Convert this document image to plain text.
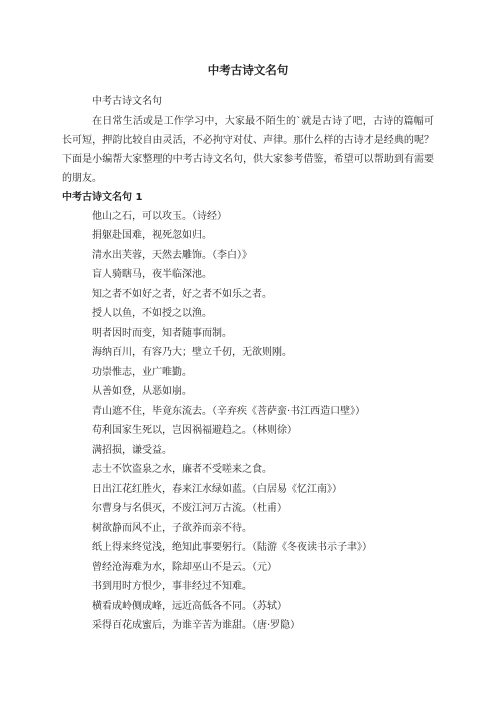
中考古诗文名句

中考古诗文名句

在日常生活或是工作学习中，大家最不陌生的`就是古诗了吧，古诗的篇幅可长可短，押韵比较自由灵活，不必拘守对仗、声律。那什么样的古诗才是经典的呢？下面是小编帮大家整理的中考古诗文名句，供大家参考借鉴，希望可以帮助到有需要的朋友。

中考古诗文名句 1
他山之石，可以攻玉。（诗经）
捐躯赴国难，视死忽如归。
清水出芙蓉，天然去雕饰。（李白）》
盲人骑瞎马，夜半临深池。
知之者不如好之者，好之者不如乐之者。
授人以鱼，不如授之以渔。
明者因时而变，知者随事而制。
海纳百川，有容乃大；壁立千仞，无欲则刚。
功崇惟志，业广唯勤。
从善如登，从恶如崩。
青山遮不住，毕竟东流去。（辛弃疾《菩萨蛮·书江西造口壁》）
苟利国家生死以，岂因祸福避趋之。（林则徐）
满招损，谦受益。
志士不饮盗泉之水，廉者不受嗟来之食。
日出江花红胜火，春来江水绿如蓝。（白居易《忆江南》）
尔曹身与名俱灭，不废江河万古流。（杜甫）
树欲静而风不止，子欲养而亲不待。
纸上得来终觉浅，绝知此事要躬行。（陆游《冬夜读书示子聿》）
曾经沧海难为水，除却巫山不是云。（元）
书到用时方恨少，事非经过不知难。
横看成岭侧成峰，远近高低各不同。（苏轼）
采得百花成蜜后，为谁辛苦为谁甜。（唐·罗隐）
